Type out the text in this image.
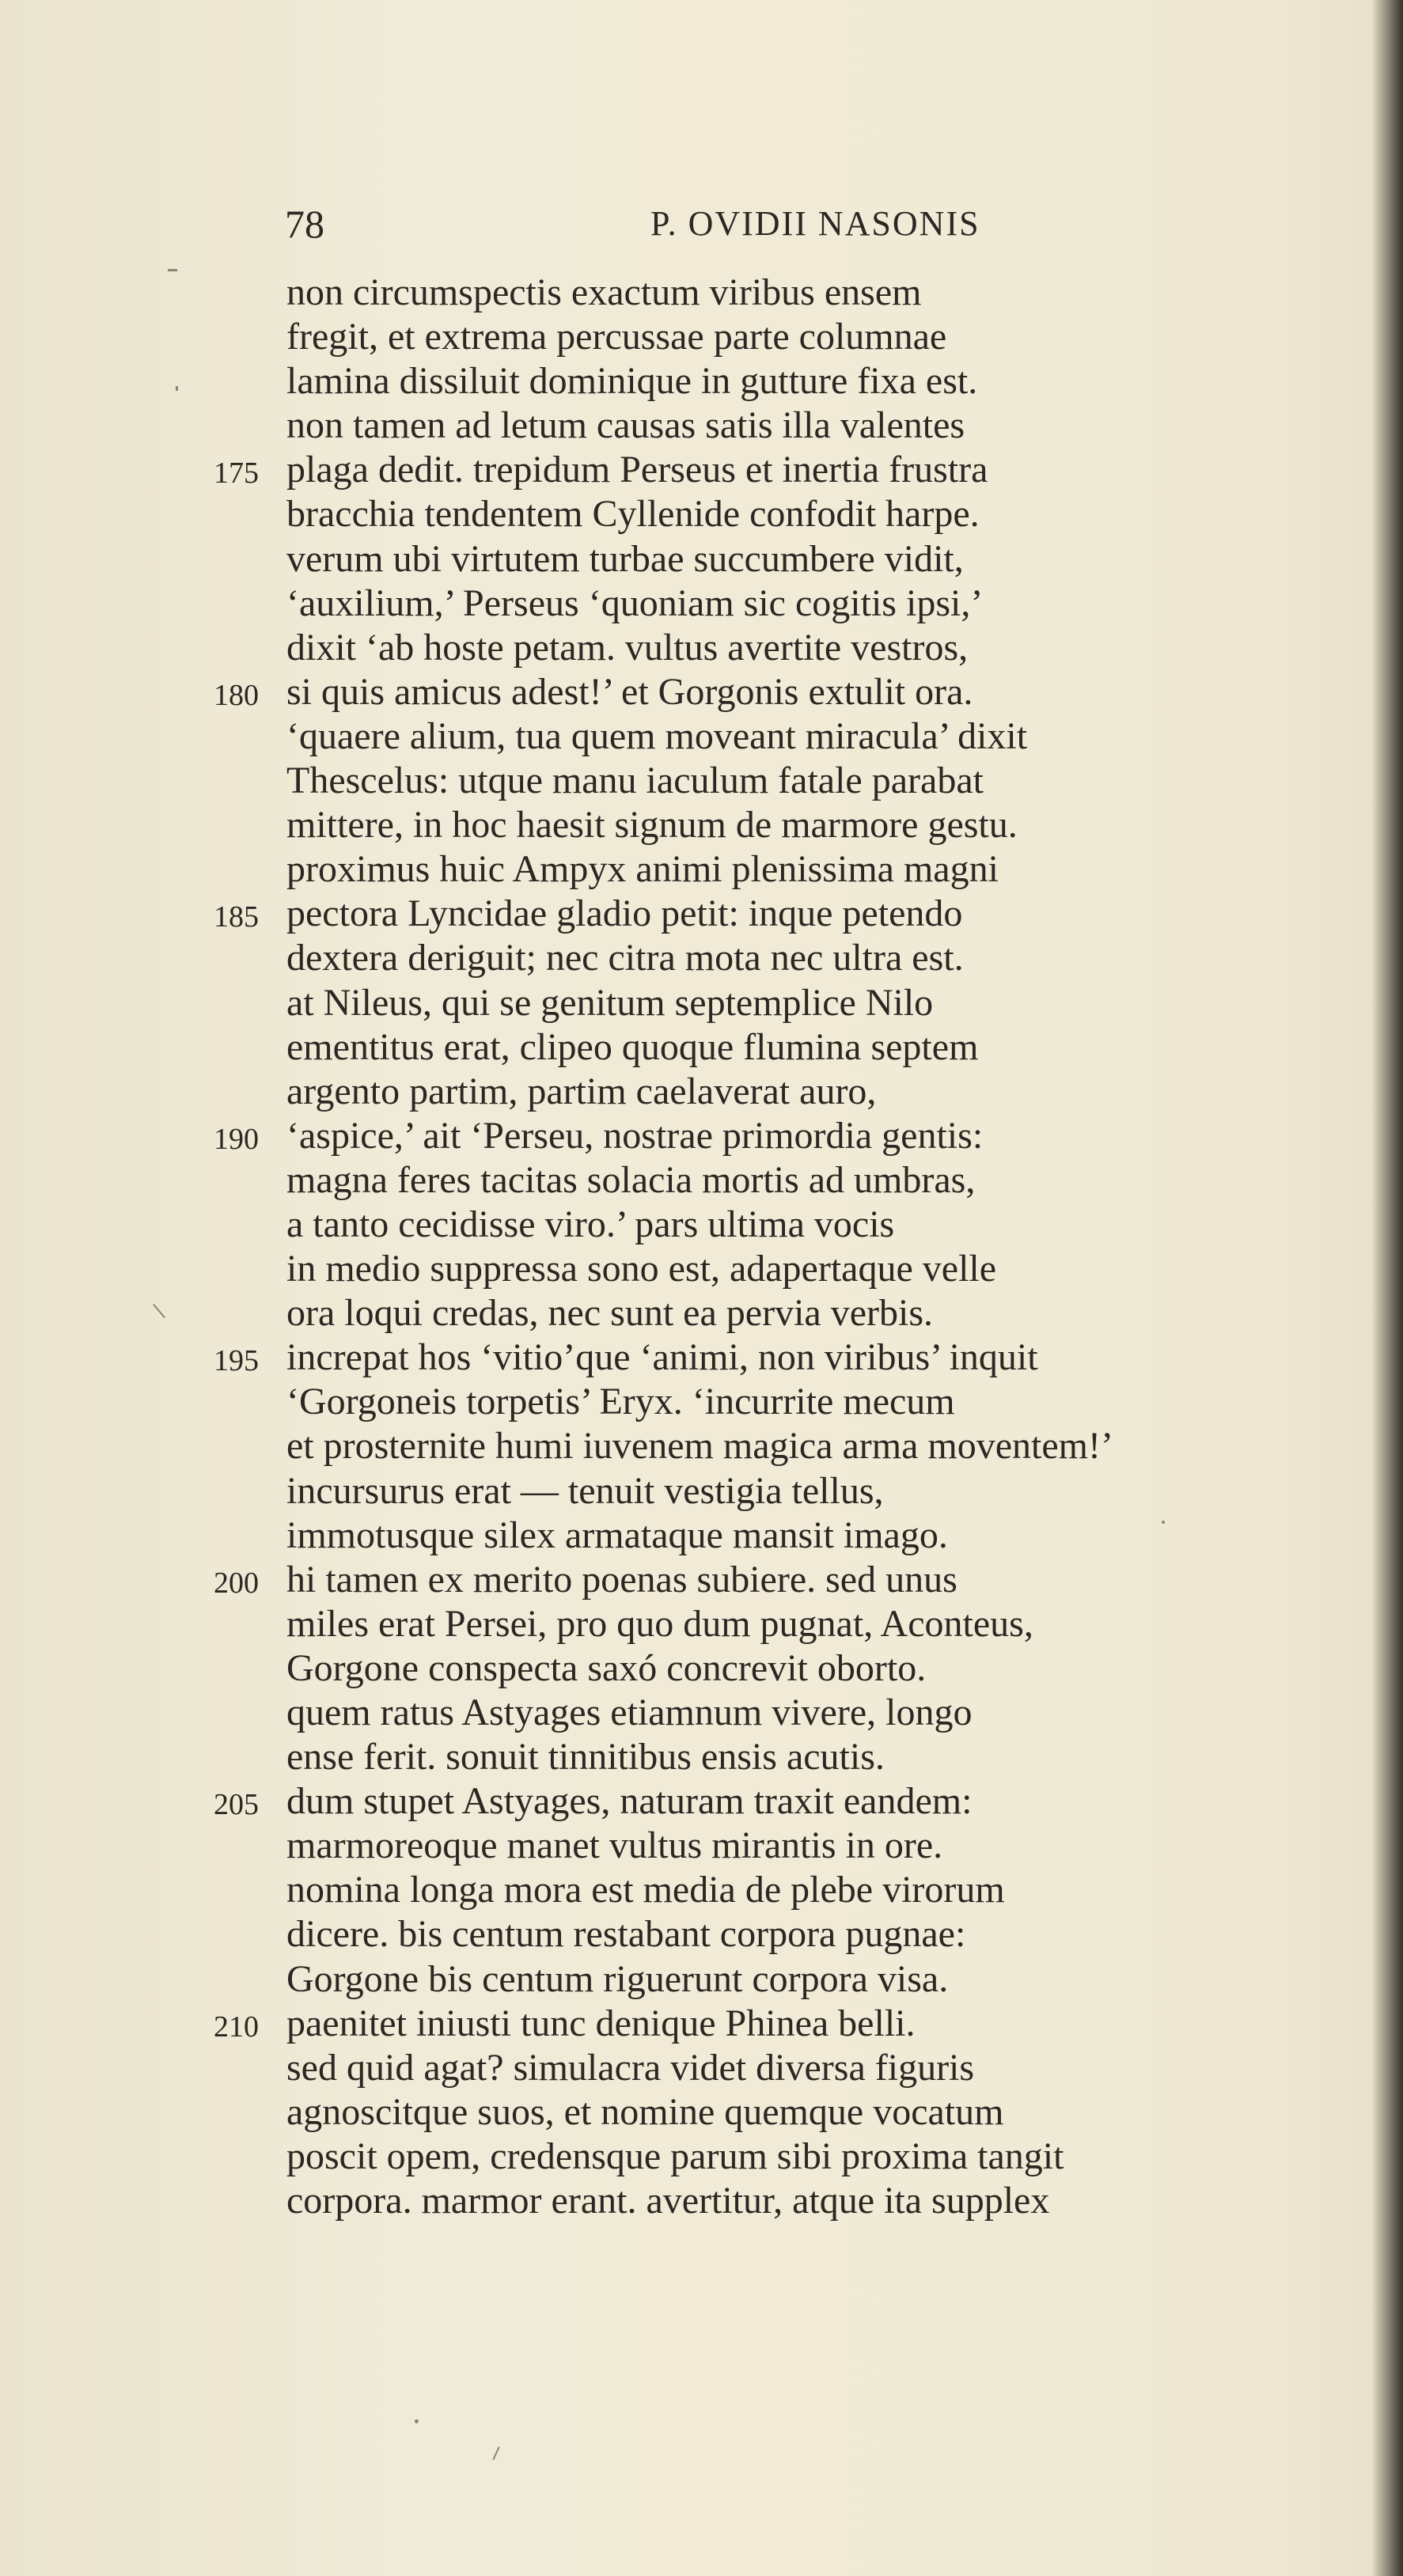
78	P. OVIDII NASONIS
non circumspectis exactum viribus ensem
fregit, et extrema percussae parte columnae
lamina dissiluit dominique in gutture fixa est.
non tamen ad letum causas satis illa valentes
175 plaga dedit. trepidum Perseus et inertia frustra
bracchia tendentem Cyllenide confodit harpe.
verum ubi virtutem turbae succumbere vidit,
‘auxilium,’ Perseus ‘quoniam sic cogitis ipsi,’
dixit ‘ab hoste petam. vultus avertite vestros,
180 si quis amicus adest!’ et Gorgonis extulit ora.
‘quaere alium, tua quem moveant miracula’ dixit
Thescelus: utque manu iaculum fatale parabat
mittere, in hoc haesit signum de marmore gestu.
proximus huic Ampyx animi plenissima magni
185 pectora Lyncidae gladio petit: inque petendo
dextera deriguit; nec citra mota nec ultra est.
at Nileus, qui se genitum septemplice Nilo
ementitus erat, clipeo quoque flumina septem
argento partim, partim caelaverat auro,
190 ‘aspice,’ ait ‘Perseu, nostrae primordia gentis:
magna feres tacitas solacia mortis ad umbras,
a tanto cecidisse viro.’ pars ultima vocis
in medio suppressa sono est, adapertaque velle
ora loqui credas, nec sunt ea pervia verbis.
195 increpat hos ‘vitio’que ‘animi, non viribus’ inquit
‘Gorgoneis torpetis’ Eryx. ‘incurrite mecum
et prosternite humi iuvenem magica arma moventem!’
incursurus erat — tenuit vestigia tellus,
immotusque silex armataque mansit imago.
200 hi tamen ex merito poenas subiere. sed unus
miles erat Persei, pro quo dum pugnat, Aconteus,
Gorgone conspecta saxó concrevit oborto.
quem ratus Astyages etiamnum vivere, longo
ense ferit. sonuit tinnitibus ensis acutis.
205 dum stupet Astyages, naturam traxit eandem:
marmoreoque manet vultus mirantis in ore.
nomina longa mora est media de plebe virorum
dicere. bis centum restabant corpora pugnae:
Gorgone bis centum riguerunt corpora visa.
210 paenitet iniusti tunc denique Phinea belli.
sed quid agat? simulacra videt diversa figuris
agnoscitque suos, et nomine quemque vocatum
poscit opem, credensque parum sibi proxima tangit
corpora. marmor erant. avertitur, atque ita supplex
